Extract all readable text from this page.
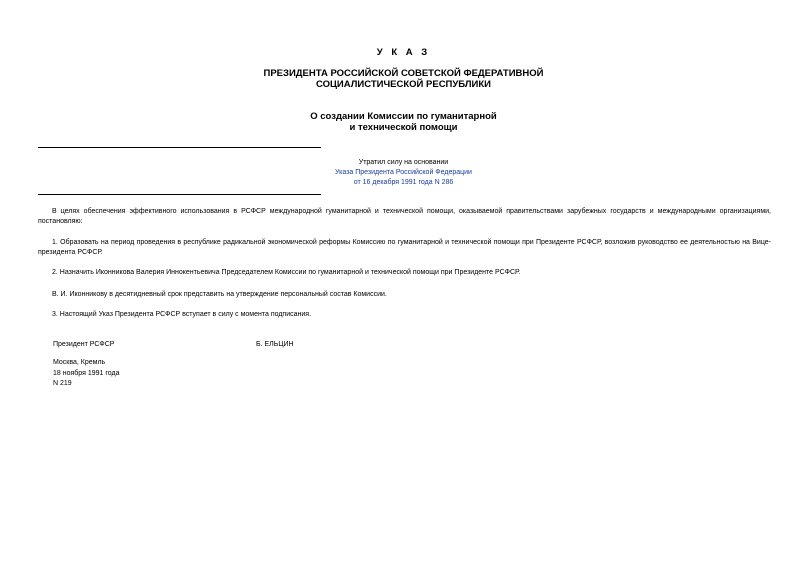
У К А З

ПРЕЗИДЕНТА РОССИЙСКОЙ СОВЕТСКОЙ ФЕДЕРАТИВНОЙ

СОЦИАЛИСТИЧЕСКОЙ РЕСПУБЛИКИ

О создании Комиссии по гуманитарной

и технической помощи

Утратил силу на основании

Указа Президента Российской Федерации

от 16 декабря 1991 года N 286

В целях обеспечения эффективного использования в РСФСР международной гуманитарной и технической помощи, оказываемой правительствами зарубежных государств и международными организациями, постановляю:

1. Образовать на период проведения в республике радикальной экономической реформы Комиссию по гуманитарной и технической помощи при Президенте РСФСР, возложив руководство ее деятельностью на Вице-президента РСФСР.

2. Назначить Иконникова Валерия Иннокентьевича Председателем Комиссии по гуманитарной и технической помощи при Президенте РСФСР.

В. И. Иконникову в десятидневный срок представить на утверждение персональный состав Комиссии.

3. Настоящий Указ Президента РСФСР вступает в силу с момента подписания.

Президент РСФСР	Б. ЕЛЬЦИН

Москва, Кремль

18 ноября 1991 года

N 219
